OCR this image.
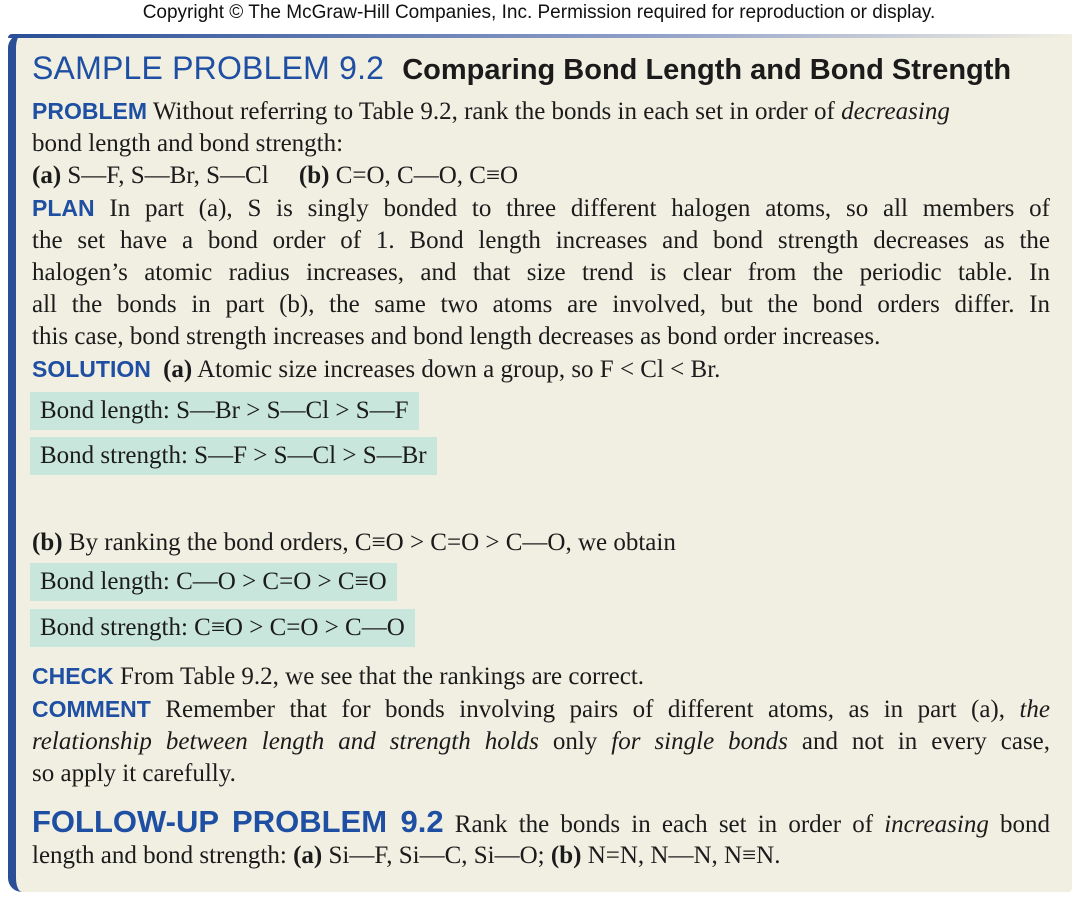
Copyright © The McGraw-Hill Companies, Inc. Permission required for reproduction or display.
SAMPLE PROBLEM 9.2 Comparing Bond Length and Bond Strength
PROBLEM Without referring to Table 9.2, rank the bonds in each set in order of decreasing
bond length and bond strength:
(a) S—F, S—Br, S—Cl (b) C=O, C—O, C≡O
PLAN In part (a), S is singly bonded to three different halogen atoms, so all members of
the set have a bond order of 1. Bond length increases and bond strength decreases as the
halogen’s atomic radius increases, and that size trend is clear from the periodic table. In
all the bonds in part (b), the same two atoms are involved, but the bond orders differ. In
this case, bond strength increases and bond length decreases as bond order increases.
SOLUTION (a) Atomic size increases down a group, so F < Cl < Br.
Bond length: S—Br > S—Cl > S—F
Bond strength: S—F > S—Cl > S—Br
(b) By ranking the bond orders, C≡O > C=O > C—O, we obtain
Bond length: C—O > C=O > C≡O
Bond strength: C≡O > C=O > C—O
CHECK From Table 9.2, we see that the rankings are correct.
COMMENT Remember that for bonds involving pairs of different atoms, as in part (a), the
relationship between length and strength holds only for single bonds and not in every case,
so apply it carefully.
FOLLOW-UP PROBLEM 9.2 Rank the bonds in each set in order of increasing bond
length and bond strength: (a) Si—F, Si—C, Si—O; (b) N=N, N—N, N≡N.
